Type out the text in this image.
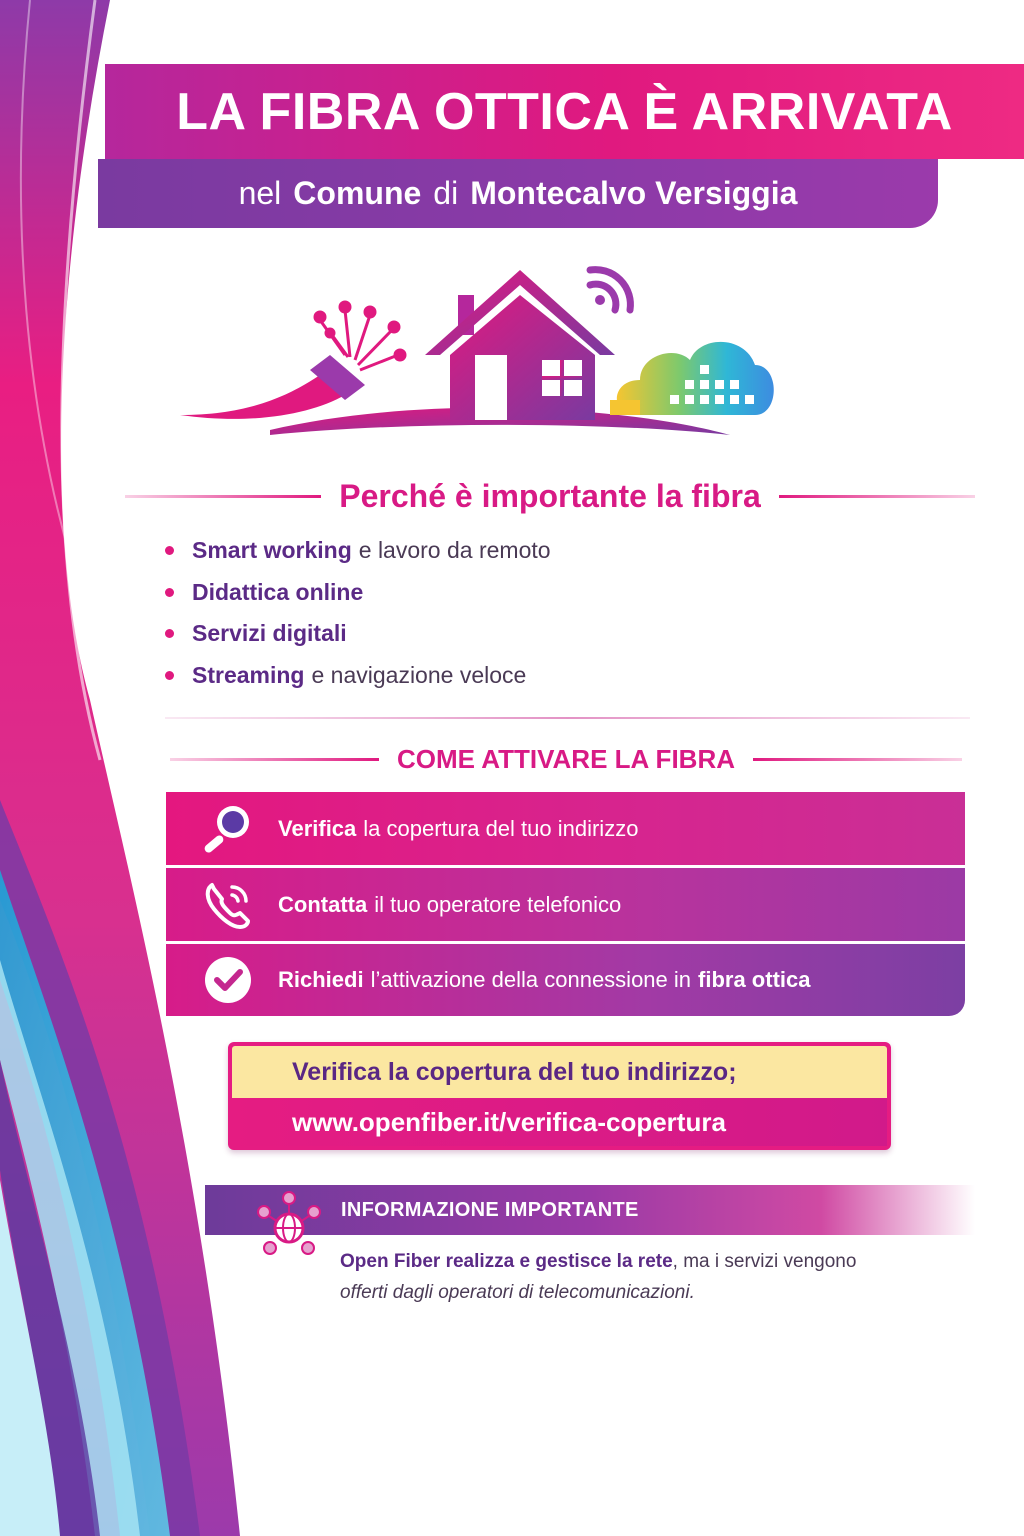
LA FIBRA OTTICA È ARRIVATA
nel Comune di Montecalvo Versiggia
Perché è importante la fibra
Smart working e lavoro da remoto
Didattica online
Servizi digitali
Streaming e navigazione veloce
COME ATTIVARE LA FIBRA
Verifica la copertura del tuo indirizzo
Contatta il tuo operatore telefonico
Richiedi l’attivazione della connessione in fibra ottica
Verifica la copertura del tuo indirizzo;
www.openfiber.it/verifica-copertura
INFORMAZIONE IMPORTANTE
Open Fiber realizza e gestisce la rete, ma i servizi vengono
offerti dagli operatori di telecomunicazioni.
